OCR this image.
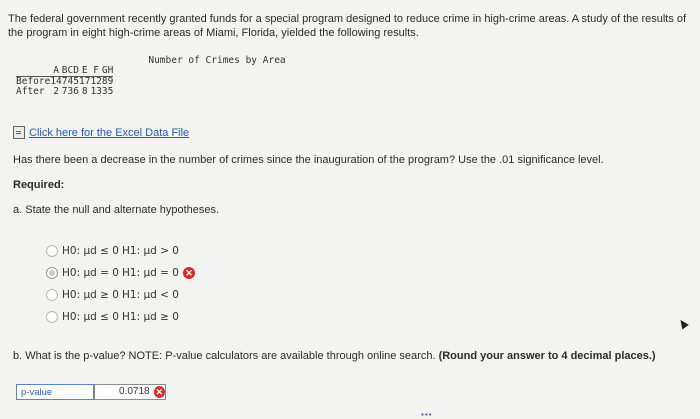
The federal government recently granted funds for a special program designed to reduce crime in high-crime areas. A study of the results of the program in eight high-crime areas of Miami, Florida, yielded the following results.
Number of Crimes by Area
	A	B	C	D	E	F	G	H
Before	14	7	4	5	17	12	8	9
After	2	7	3	6	8	13	3	5
Click here for the Excel Data File
Has there been a decrease in the number of crimes since the inauguration of the program? Use the .01 significance level.
Required:
a. State the null and alternate hypotheses.
H0: μd ≤ 0
H1: μd > 0
H0: μd = 0
H1: μd = 0 ✕
H0: μd ≥ 0
H1: μd < 0
H0: μd ≤ 0
H1: μd ≥ 0
b. What is the p-value? NOTE: P-value calculators are available through online search. (Round your answer to 4 decimal places.)
p-value	0.0718 ✕
▪▪▪
